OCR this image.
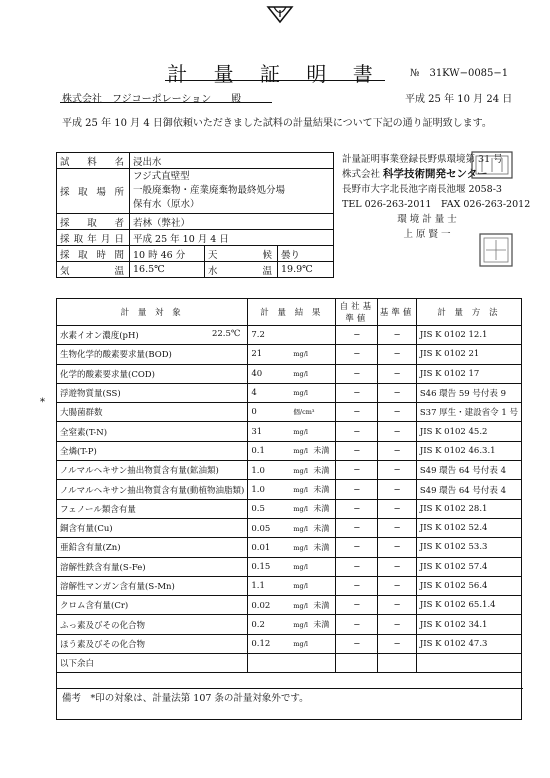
計 量 証 明 書	№　31KW−0085−1
株式会社　フジコーポレーション　　殿	平成 25 年 10 月 24 日
平成 25 年 10 月 4 日御依頼いただきました試料の計量結果について下記の通り証明致します。
試料名	浸出水		
採取場所	フジ式直壁型
一般廃棄物・産業廃棄物最終処分場
保有水（原水）		
採取者	若林（弊社）		
採取年月日	平成 25 年 10 月 4 日		
採取時間	10 時 46 分	天候	曇り
気温	16.5℃	水温	19.9℃
計量証明事業登録長野県環境第 31 号
株式会社 科学技術開発センター
長野市大字北長池字南長池堰 2058-3
TEL 026-263-2011　FAX 026-263-2012
環 境 計 量 士
上 原 賢 一
*
計 量 対 象	計 量 結 果	自社基準値	基準値	計 量 方 法
水素イオン濃度(pH) 22.5℃	7.2	−	−	JIS K 0102 12.1
生物化学的酸素要求量(BOD)	21 mg/l	−	−	JIS K 0102 21
化学的酸素要求量(COD)	40 mg/l	−	−	JIS K 0102 17
浮遊物質量(SS)	4 mg/l	−	−	S46 環告 59 号付表 9
大腸菌群数	0 個/cm³	−	−	S37 厚生・建設省令 1 号
全窒素(T-N)	31 mg/l	−	−	JIS K 0102 45.2
全燐(T-P)	0.1 mg/l 未満	−	−	JIS K 0102 46.3.1
ノルマルヘキサン抽出物質含有量(鉱油類)	1.0 mg/l 未満	−	−	S49 環告 64 号付表 4
ノルマルヘキサン抽出物質含有量(動植物油脂類)	1.0 mg/l 未満	−	−	S49 環告 64 号付表 4
フェノール類含有量	0.5 mg/l 未満	−	−	JIS K 0102 28.1
銅含有量(Cu)	0.05 mg/l 未満	−	−	JIS K 0102 52.4
亜鉛含有量(Zn)	0.01 mg/l 未満	−	−	JIS K 0102 53.3
溶解性鉄含有量(S-Fe)	0.15 mg/l	−	−	JIS K 0102 57.4
溶解性マンガン含有量(S-Mn)	1.1 mg/l	−	−	JIS K 0102 56.4
クロム含有量(Cr)	0.02 mg/l 未満	−	−	JIS K 0102 65.1.4
ふっ素及びその化合物	0.2 mg/l 未満	−	−	JIS K 0102 34.1
ほう素及びその化合物	0.12 mg/l	−	−	JIS K 0102 47.3
以下余白

備考　*印の対象は、計量法第 107 条の計量対象外です。
